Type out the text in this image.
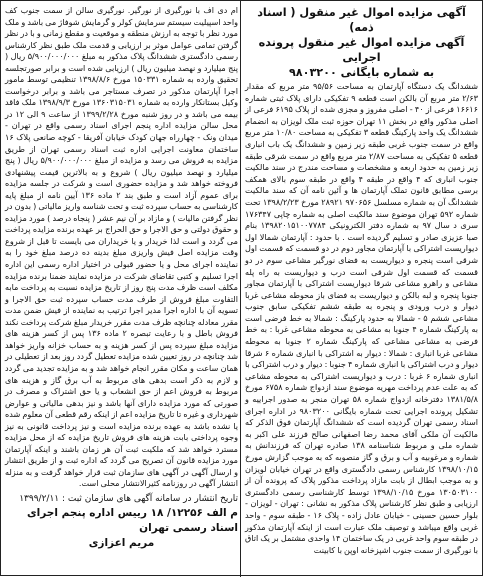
آگهی مزایده اموال غیر منقول ( اسناد ذمه)
آگهی مزایده اموال غیر منقول پرونده اجرایی
به شماره بایگانی ۹۸۰۳۲۰۰

ششدانگ یک دستگاه آپارتمان به مساحت ۹۵/۵۶ متر مربع که مقدار ۲/۶۳ متر مربع آن بالکن است قطعه ۹ تفکیکی دارای پلاک ثبتی شماره ۱۶۶۱۶ فرعی از ۴۰ - اصلی مفروز و مجزی شده از پلاک ۶۱۹۵ فرعی از اصلی مذکور واقع در بخش ۱۱ تهران حوزه ثبت ملک لویزان به انضمام ششدانگ یک واحد پارکینگ قطعه ۳ تفکیکی به مساحت ۱۰/۸۰ متر مربع واقع در سمت جنوب غربی طبقه زیر زمین و ششدانگ یک باب انباری قطعه ۵ تفکیکی به مساحت ۲/۸۷ متر مربع واقع در سمت شرقی طبقه زیر زمین به حدود اربعه و مشخصات و مساحت مندرج در سند مالکیت جنوب انباری که ۴ واقع در طبقه ۴ واقع در طبقه سوم بالای همکف برسی مطابق قانون تملک آپارتمان ها و آئین نامه آن که سند مالکیت ششدانگ آن به شماره مسلسل ۹۷۰۶۵۶ ۲۸۹۲۱ مورخ ۱۳۹۸/۲/۲۳ تحت شماره ۵۹۲ تهران موضوع سند مالکیت اصلی به شماره چاپی ۱۷۶۳۴۷ سری د سال ۹۷ به شماره دفتر الکترونیکی ۱۳۹۸۲۰۱۵۱۰۰۷۷۸۴ بنام صبا عزیزی صادر و تسلیم گردیده است . با حدود : آپارتمان شمالا اول دیواریست اشتراکی با آپارتمان مجاور دوم در دو قسمت که قسمت اول شرقی است پنجره و دیواریست به فضای نورگیر مشاعی سوم در دو قسمت که قسمت اول شرقی است درب و دیواریست به راه پله مشاعی و راهرو مشاعی شرقا دیواریست اشتراکی با آپارتمان مجاور جنوبا پنجره و لبه بالکن و دیواریست به فضای باز محوطه مشاعی غربا دیوار و درب ورودی و پنجره به طبقه ششم تفکیکی سابق جنوب مشاعی ششم ۵ - شمالا به حدود پارکینگ : شمالا به خط فرضی است به پارکینگ شماره ۴ جنوبا به مشاعی به محوطه مشاعی غربا : به خط فرضی به مشاعی مشاعی که پارکینگ شماره ۲ جنوبا به محوطه مشاعی غربا انباری : شمالا : دیوار به اشتراکی با انباری شماره ۶ شرقا دیوار و درب اشتراکی با انباری شماره ۴ جنوبا : دیوار و درب اشتراکی با انباری شماره ۶ غربا : درب و دیواریست اشتراکی به محوطه مشاعی که به علت عدم پرداخت مهریه موضوع سند ازدواج شماره ۶۷۵۸ مورخ ۱۳۸۱/۵/۸ دفترخانه ازدواج شماره ۵۸ تهران منجر به صدور اجراییه و تشکیل پرونده اجرایی تحت شماره بایگانی ۹۸۰۳۲۰۰ در اداره اجرای اسناد رسمی تهران گردیده است که ششدانگ آپارتمان فوق الذکر که مالکیت آن ملکی آقای محمد رضا اصفهانی صالح فرزند علی اکبر به شماره ملی و مربوط شناسنامه ۱۳۸ صادره تهران که فرزندانش به شماره و مرغوبیه و آب و برق و گاز منصوبه که به موجب گزارش مورخ ۱۳۹۸/۱۰/۱۵ کارشناس رسمی دادگستری واقع در تهران خیابان لویزان و به موجب ابطال از بابت مازاد پرداخت مذکور پلاک که پرونده آن از ۱۳۰۵۰۳۱۰۰ مورخ ۱۳۹۸/۱۰/۱۵ توسط کارشناسی رسمی دادگستری ارزیابی و طبق نظر کارشناس پلاک مذکور به نشانی : تهران - لویزان - بلوار حسین حسینی - خیابان عادل زاده - پلاک ۱۶ - طبقه سوم - واحد غربی واقع میباشد و توصیف ملک عبارت است از اینکه آپارتمان مذکور در طبقه سوم واحد غربی در یک ساختمان ۱۴ واحدی مشتمل بر یک اتاق با نورگیری از سمت جنوب اشپزخانه اوپن با کابینت

ام دی اف با نورگیری از نورگیر. نورگیری سالن از سمت جنوب کف واحد اسپیلیت سیستم سرمایش کولر و گرمایش شوفاژ می باشد و ملک مورد نظر با توجه به ارزش منطقه و موقعیت و مقطع زمانی و با در نظر گرفتن تمامی عوامل موثر بر ارزیابی و قدمت ملک طبق نظر کارشناس رسمی دادگستری ششدانگ پلاک مذکور به مبلغ ۵/۹۰۰/۰۰۰/۰۰۰ ریال ( پنج میلیارد و نهصد میلیون ریال ) ارزیابی شده است و برابر صورتجلسه تحقیق وارده به شماره ۱۵۰۳۳۱ مورخ ۱۳۹۸/۸/۶ تنظیمی توسط مامور اجرا آپارتمان مذکور در تصرف مستاجر می باشد و برابر درخواست وکیل بستانکار وارده به شماره ۱۳۶۰۳۱۵۰۳۱ مورخ ۱۳۹۸/۹/۳ ملک فاقد بیمه می باشد و در روز شنبه مورخ ۱۳۹۹/۲/۲۸ از ساعت ۹ الی ۱۲ در محل سالن مزایده اداره پنجم اجرای اسناد رسمی واقع در تهران - میدان ونک - چهارراه جهان کودک خیابان آفریقا - کوچه صانعی پلاک ۱۶ ساختمان معاونت اجرایی اداره ثبت اسناد رسمی تهران از طریق مزایده به فروش می رسد و مزایده از مبلغ ۵/۹۰۰/۰۰۰/۰۰۰ ریال ( پنج میلیارد و نهصد میلیون ریال ) شروع و به بالاترین قیمت پیشنهادی فروخته خواهد شد و مزایده حضوری است و شرکت در جلسه مزایده برای عموم آزاد است و طبق بند ۲ ماده ۱۳۶ آیین نامه از مبلغ پایه کارشناسی به حساب سپرده ثبت و تحت شناسه واریز مالیاتی ( بدون در نظر گرفتن مالیات ) و مازاد بر آن نیم عشر ( پنجاه درصد ) مورد مزایده و حقوق دولتی و حق الاجرا و حق الحراج بر عهده برنده مزایده پرداخت می گردد و است لذا خریدار و یا خریداران می بایست تا قبل از شروع وقت مزایده اصل فیش واریزی مبلغ بدینه ده درصد مبلغ خود را به نماینده اجرای محل و یا حضور قبولی در اختیار اداره رسمی این اداره اجرا تسلیم و کتبی تقاضای شرکت در مزایده نمایند ضمنا برنده مزایده مکلف است ظرف مدت پنج روز از تاریخ مزایده نسبت به پرداخت مابه التفاوت مبلغ فروش از طرف مدت حساب سپرده ثبت حق الاجرا و تسویه آن با اداره اجرا مدیر اجرا ترتیب به نماینده از فیش ضمن مدت مقرر معادله چنانچه ظرف مدت مقرر خریدار مبلغ شرکت پرداخت نکند فروش باطل و با رعایت تبصره ۲ ماده ۱۳۶ پس از کسر هزینه های مزایده مبلغ سپرده پس از کسر هزینه و به حساب خزانه واریز خواهد شد چنانچه در روز تعیین شده مزایده تعطیل گردد روز بعد از تعطیلی در همان ساعت و مکان مقرر انجام خواهد شد و به مزایده تجدید می گردد و لازم به ذکر است بدهی های مربوط به آب برق گاز و هزینه های مربوط به فروش اعم از حق انشعاب و یا حق اشتراک و مصرف در صورتی که مورد مزایده دارای آنها باشد و نیز بدهی مالیاتی و عوارض شهرداری و غیره تا تاریخ مزایده اعم از اینکه رقم قطعی آن معلوم شده یا نشده باشد به عهده برنده مزایده است و نیز پرداخت قانونی به نیز وجوه پرداختی بابت هزینه های فروش تاریخ مزایده که از محل مزایده مسترد خواهد شد که ملکیت ثبت آن هر زمان باشند و اینکه آپارتمان مورد مزایده قانون آن تصریح می گردد که اداره ثبت و از طریق انتشار و ارسال آگهی در آگهی های سازمان ثبت قرار خواهد گرفت و به منزله انتشار آگهی در روزنامه کثیرالانتشار محلی است.

تاریخ انتشار در سامانه آگهی های سازمان ثبت : ۱۳۹۹/۲/۱۱
م الف ۱۲۲۵۶/ ۱۸ رییس اداره پنجم اجرای اسناد رسمی تهران
مریم اعزازی
